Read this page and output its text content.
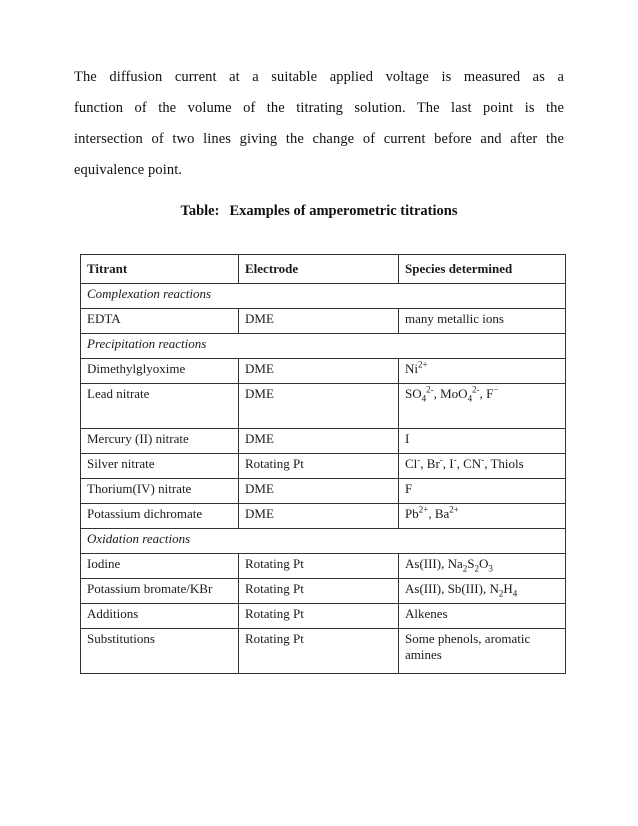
The diffusion current at a suitable applied voltage is measured as a
function of the volume of the titrating solution. The last point is the
intersection of two lines giving the change of current before and after the
equivalence point.
Table: Examples of amperometric titrations
Titrant	Electrode	Species determined
Complexation reactions		
EDTA	DME	many metallic ions
Precipitation reactions		
Dimethylglyoxime	DME	$Ni^{2+}$
Lead nitrate	DME	$SO_4^{2-}$, MoO$_4^{2-}$, F−
Mercury (II) nitrate	DME	I
Silver nitrate	Rotating Pt	Cl-, Br-, I-, CN-, Thiols
Thorium(IV) nitrate	DME	F
Potassium dichromate	DME	$Pb^{2+}$, $Ba^{2+}$
Oxidation reactions		
Iodine	Rotating Pt	As(III), $Na_2S_2O_3$
Potassium bromate/KBr	Rotating Pt	As(III), Sb(III), $N_2H_4$
Additions	Rotating Pt	Alkenes
Substitutions	Rotating Pt	Some phenols, aromatic amines
